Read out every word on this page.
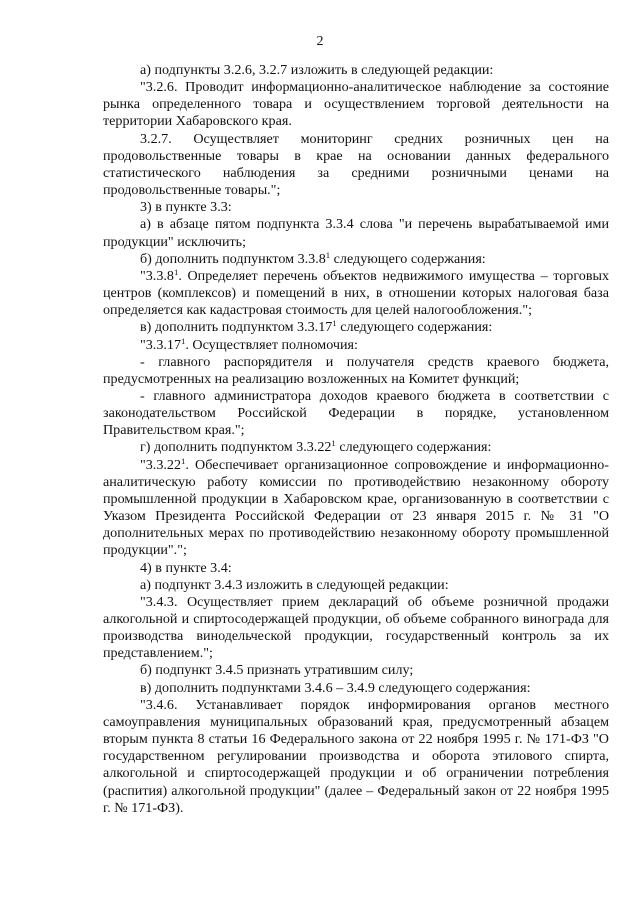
2

а) подпункты 3.2.6, 3.2.7 изложить в следующей редакции:

"3.2.6. Проводит информационно-аналитическое наблюдение за состояние рынка определенного товара и осуществлением торговой деятельности на территории Хабаровского края.

3.2.7. Осуществляет мониторинг средних розничных цен на продовольственные товары в крае на основании данных федерального статистического наблюдения за средними розничными ценами на продовольственные товары.";

3) в пункте 3.3:

а) в абзаце пятом подпункта 3.3.4 слова "и перечень вырабатываемой ими продукции" исключить;

б) дополнить подпунктом 3.3.8$^1$ следующего содержания:

"3.3.8$^1$. Определяет перечень объектов недвижимого имущества – торговых центров (комплексов) и помещений в них, в отношении которых налоговая база определяется как кадастровая стоимость для целей налогообложения.";

в) дополнить подпунктом 3.3.17$^1$ следующего содержания:

"3.3.17$^1$. Осуществляет полномочия:

- главного распорядителя и получателя средств краевого бюджета, предусмотренных на реализацию возложенных на Комитет функций;

- главного администратора доходов краевого бюджета в соответствии с законодательством Российской Федерации в порядке, установленном Правительством края.";

г) дополнить подпунктом 3.3.22$^1$ следующего содержания:

"3.3.22$^1$. Обеспечивает организационное сопровождение и информационно-аналитическую работу комиссии по противодействию незаконному обороту промышленной продукции в Хабаровском крае, организованную в соответствии с Указом Президента Российской Федерации от 23 января 2015 г. № 31 "О дополнительных мерах по противодействию незаконному обороту промышленной продукции".";

4) в пункте 3.4:

а) подпункт 3.4.3 изложить в следующей редакции:

"3.4.3. Осуществляет прием деклараций об объеме розничной продажи алкогольной и спиртосодержащей продукции, об объеме собранного винограда для производства винодельческой продукции, государственный контроль за их представлением.";

б) подпункт 3.4.5 признать утратившим силу;

в) дополнить подпунктами 3.4.6 – 3.4.9 следующего содержания:

"3.4.6. Устанавливает порядок информирования органов местного самоуправления муниципальных образований края, предусмотренный абзацем вторым пункта 8 статьи 16 Федерального закона от 22 ноября 1995 г. № 171-ФЗ "О государственном регулировании производства и оборота этилового спирта, алкогольной и спиртосодержащей продукции и об ограничении потребления (распития) алкогольной продукции" (далее – Федеральный закон от 22 ноября 1995 г. № 171-ФЗ).
